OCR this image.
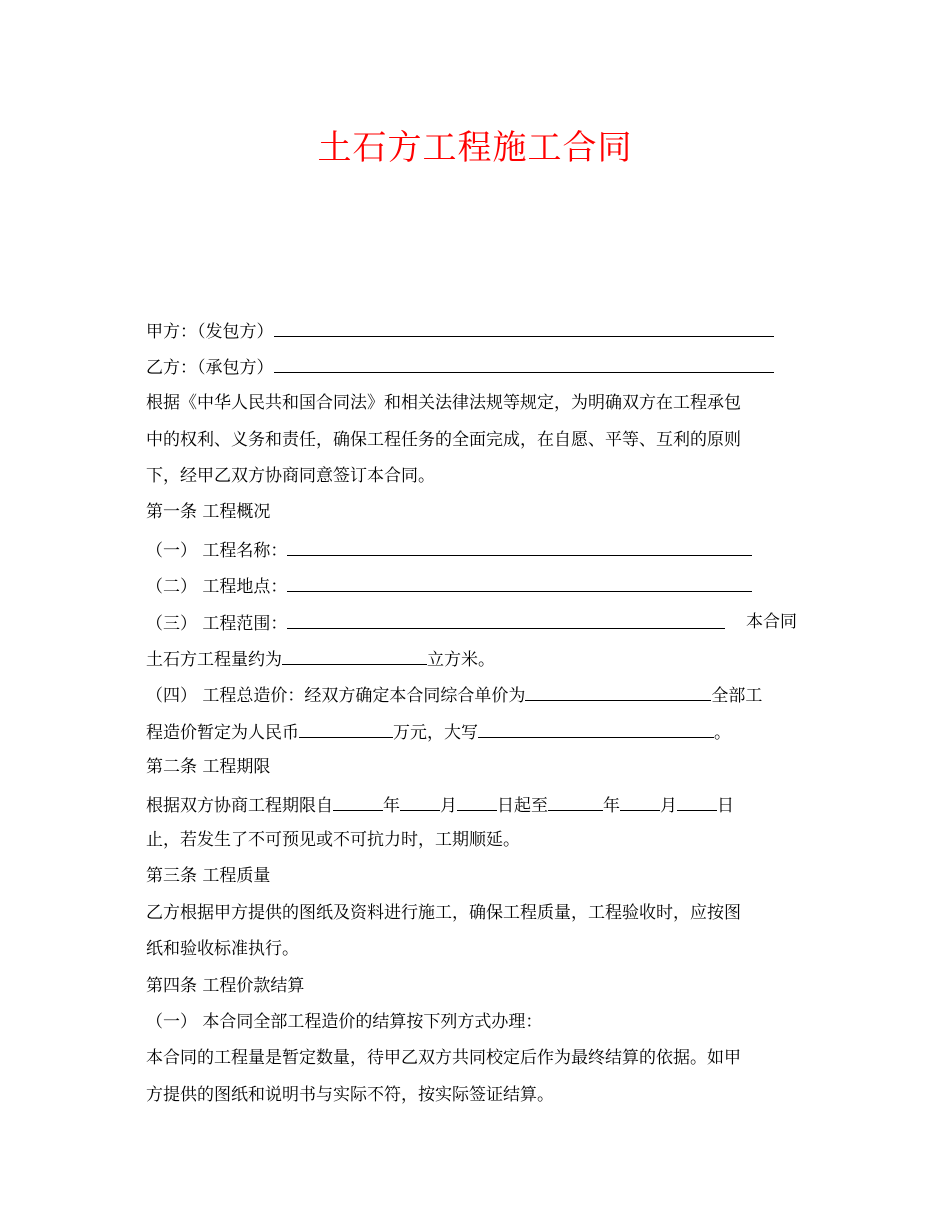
土石方工程施工合同
甲方：（发包方）
乙方：（承包方）
根据《中华人民共和国合同法》和相关法律法规等规定，为明确双方在工程承包
中的权利、义务和责任，确保工程任务的全面完成，在自愿、平等、互利的原则
下，经甲乙双方协商同意签订本合同。
第一条 工程概况
（一） 工程名称：
（二） 工程地点：
（三） 工程范围：	本合同
土石方工程量约为	立方米。
（四） 工程总造价：经双方确定本合同综合单价为	全部工
程造价暂定为人民币	万元，大写	。
第二条 工程期限
根据双方协商工程期限自	年 月 日起至	年 月 日
止，若发生了不可预见或不可抗力时，工期顺延。
第三条 工程质量
乙方根据甲方提供的图纸及资料进行施工，确保工程质量，工程验收时，应按图
纸和验收标准执行。
第四条 工程价款结算
（一） 本合同全部工程造价的结算按下列方式办理：
本合同的工程量是暂定数量，待甲乙双方共同校定后作为最终结算的依据。如甲
方提供的图纸和说明书与实际不符，按实际签证结算。
